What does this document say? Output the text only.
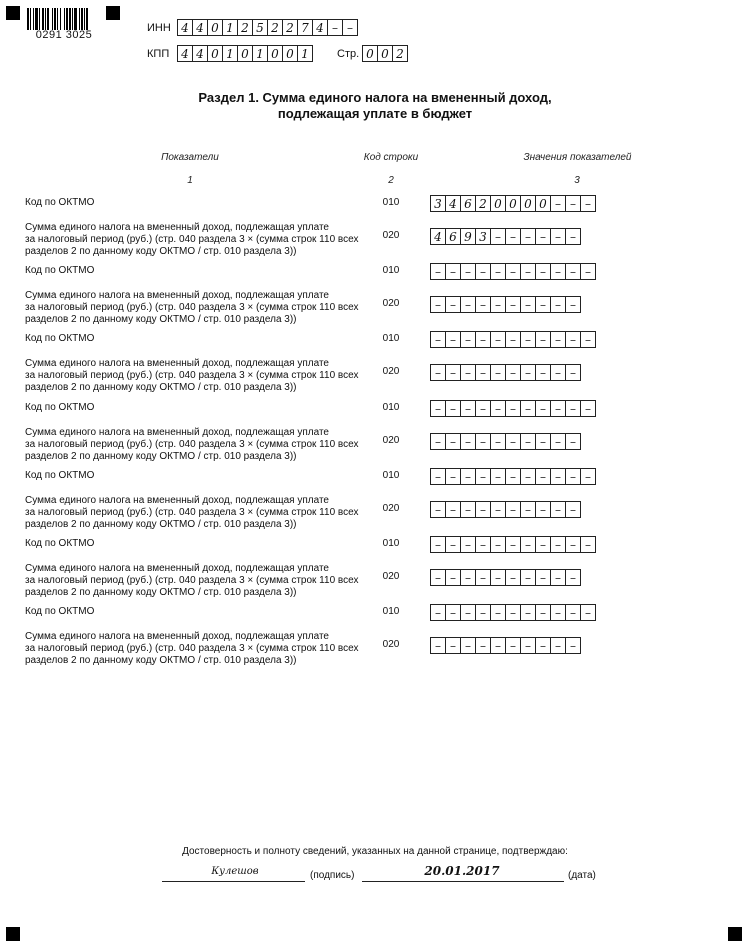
0291 3025
ИНН 4 4 0 1 2 5 2 2 7 4 – –
КПП 4 4 0 1 0 1 0 0 1	Стр. 0 0 2
Раздел 1. Сумма единого налога на вмененный доход,
подлежащая уплате в бюджет
Показатели	Код строки	Значения показателей
1	2	3
Код по ОКТМО	010	3 4 6 2 0 0 0 0 – – –
Сумма единого налога на вмененный доход, подлежащая уплате
за налоговый период (руб.) (стр. 040 раздела 3 × (сумма строк 110 всех
разделов 2 по данному коду ОКТМО / стр. 010 раздела 3))
020	4 6 9 3 – – – – – –
Код по ОКТМО	010	– – – – – – – – – – –
Сумма единого налога на вмененный доход, подлежащая уплате
за налоговый период (руб.) (стр. 040 раздела 3 × (сумма строк 110 всех
разделов 2 по данному коду ОКТМО / стр. 010 раздела 3))
020	– – – – – – – – – –
Код по ОКТМО	010	– – – – – – – – – – –
Сумма единого налога на вмененный доход, подлежащая уплате
за налоговый период (руб.) (стр. 040 раздела 3 × (сумма строк 110 всех
разделов 2 по данному коду ОКТМО / стр. 010 раздела 3))
020	– – – – – – – – – –
Код по ОКТМО	010	– – – – – – – – – – –
Сумма единого налога на вмененный доход, подлежащая уплате
за налоговый период (руб.) (стр. 040 раздела 3 × (сумма строк 110 всех
разделов 2 по данному коду ОКТМО / стр. 010 раздела 3))
020	– – – – – – – – – –
Код по ОКТМО	010	– – – – – – – – – – –
Сумма единого налога на вмененный доход, подлежащая уплате
за налоговый период (руб.) (стр. 040 раздела 3 × (сумма строк 110 всех
разделов 2 по данному коду ОКТМО / стр. 010 раздела 3))
020	– – – – – – – – – –
Код по ОКТМО	010	– – – – – – – – – – –
Сумма единого налога на вмененный доход, подлежащая уплате
за налоговый период (руб.) (стр. 040 раздела 3 × (сумма строк 110 всех
разделов 2 по данному коду ОКТМО / стр. 010 раздела 3))
020	– – – – – – – – – –
Код по ОКТМО	010	– – – – – – – – – – –
Сумма единого налога на вмененный доход, подлежащая уплате
за налоговый период (руб.) (стр. 040 раздела 3 × (сумма строк 110 всех
разделов 2 по данному коду ОКТМО / стр. 010 раздела 3))
020	– – – – – – – – – –
Достоверность и полноту сведений, указанных на данной странице, подтверждаю:
Кулешов	(подпись)	20.01.2017	(дата)
